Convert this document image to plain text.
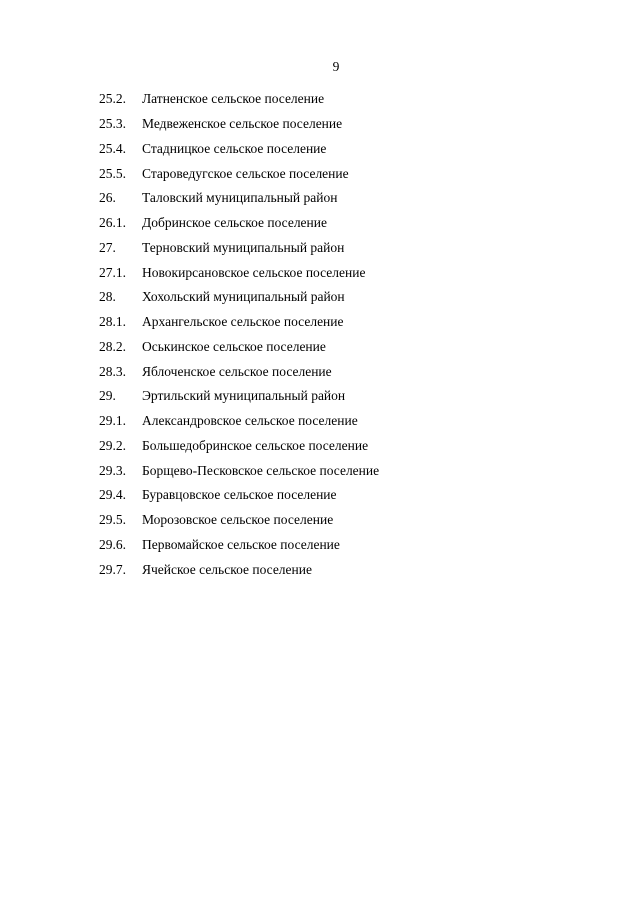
9
25.2.	Латненское сельское поселение
25.3.	Медвеженское сельское поселение
25.4.	Стадницкое сельское поселение
25.5.	Староведугское сельское поселение
26.	Таловский муниципальный район
26.1.	Добринское сельское поселение
27.	Терновский муниципальный район
27.1.	Новокирсановское сельское поселение
28.	Хохольский муниципальный район
28.1.	Архангельское сельское поселение
28.2.	Оськинское сельское поселение
28.3.	Яблоченское сельское поселение
29.	Эртильский муниципальный район
29.1.	Александровское сельское поселение
29.2.	Большедобринское сельское поселение
29.3.	Борщево-Песковское сельское поселение
29.4.	Буравцовское сельское поселение
29.5.	Морозовское сельское поселение
29.6.	Первомайское сельское поселение
29.7.	Ячейское сельское поселение
